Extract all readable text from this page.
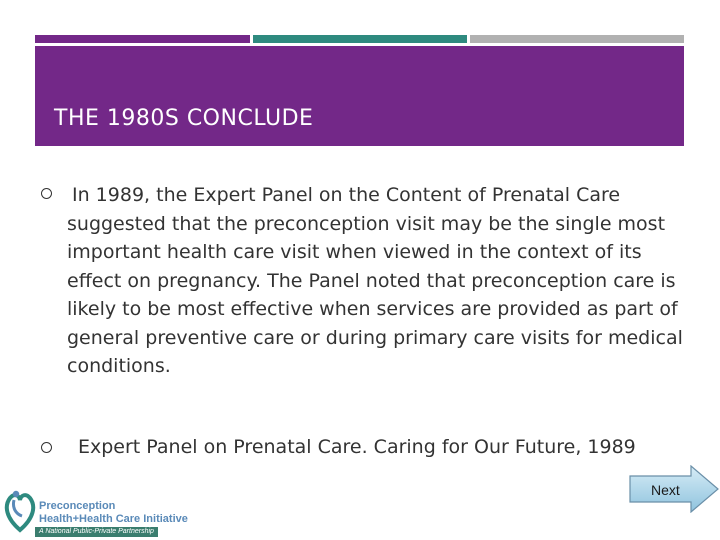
THE 1980S CONCLUDE
In 1989, the Expert Panel on the Content of Prenatal Care suggested that the preconception visit may be the single most important health care visit when viewed in the context of its effect on pregnancy. The Panel noted that preconception care is likely to be most effective when services are provided as part of general preventive care or during primary care visits for medical conditions.
Expert Panel on Prenatal Care. Caring for Our Future, 1989
Preconception
Health+Health Care Initiative
A National Public-Private Partnership
Next
